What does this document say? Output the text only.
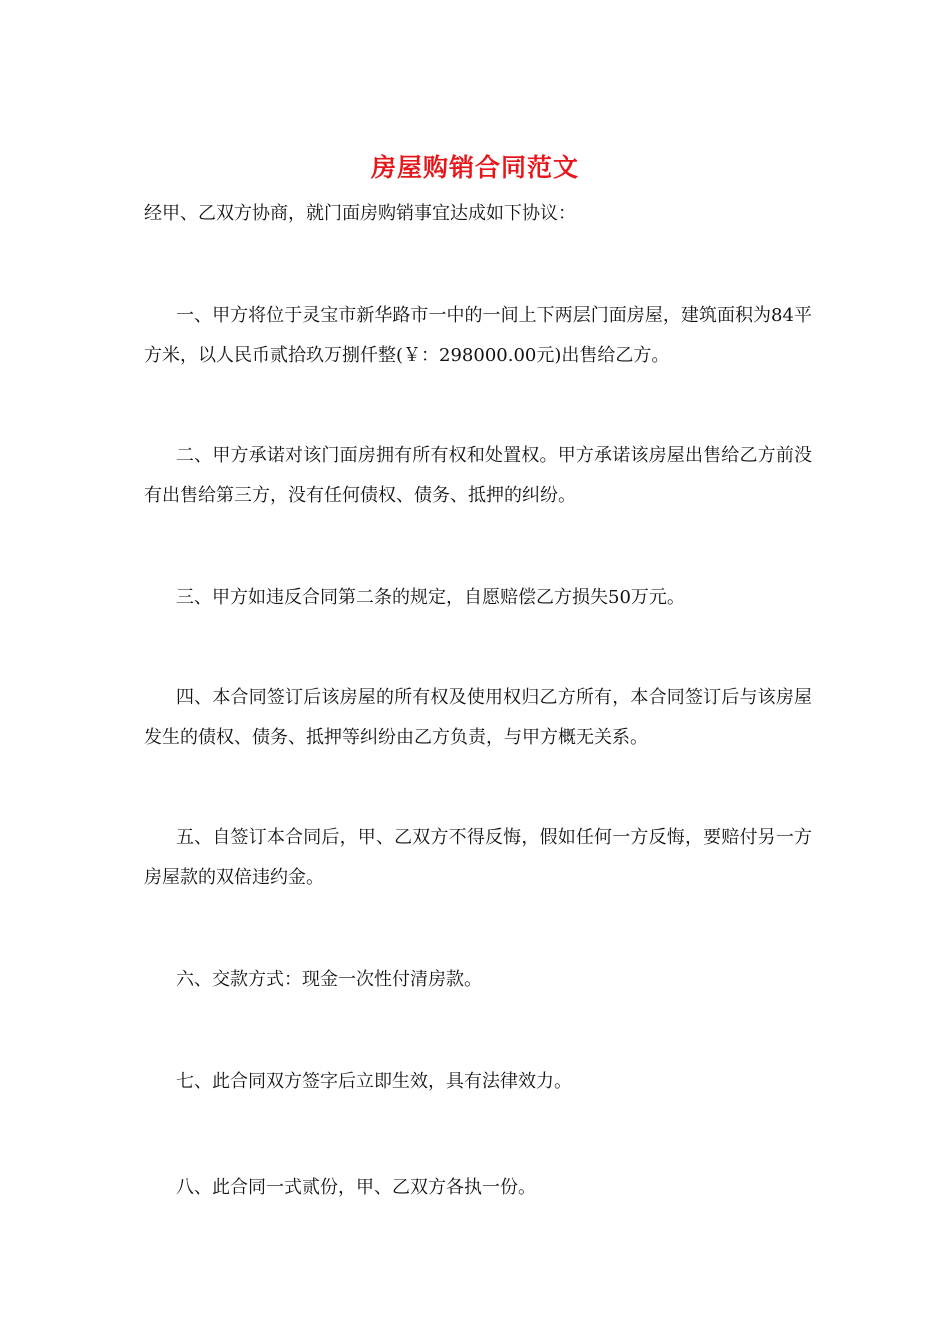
房屋购销合同范文
经甲、乙双方协商，就门面房购销事宜达成如下协议：

一、甲方将位于灵宝市新华路市一中的一间上下两层门面房屋，建筑面积为84平方米，以人民币贰拾玖万捌仟整(￥：298000.00元)出售给乙方。

二、甲方承诺对该门面房拥有所有权和处置权。甲方承诺该房屋出售给乙方前没有出售给第三方，没有任何债权、债务、抵押的纠纷。

三、甲方如违反合同第二条的规定，自愿赔偿乙方损失50万元。

四、本合同签订后该房屋的所有权及使用权归乙方所有，本合同签订后与该房屋发生的债权、债务、抵押等纠纷由乙方负责，与甲方概无关系。

五、自签订本合同后，甲、乙双方不得反悔，假如任何一方反悔，要赔付另一方房屋款的双倍违约金。

六、交款方式：现金一次性付清房款。

七、此合同双方签字后立即生效，具有法律效力。

八、此合同一式贰份，甲、乙双方各执一份。
